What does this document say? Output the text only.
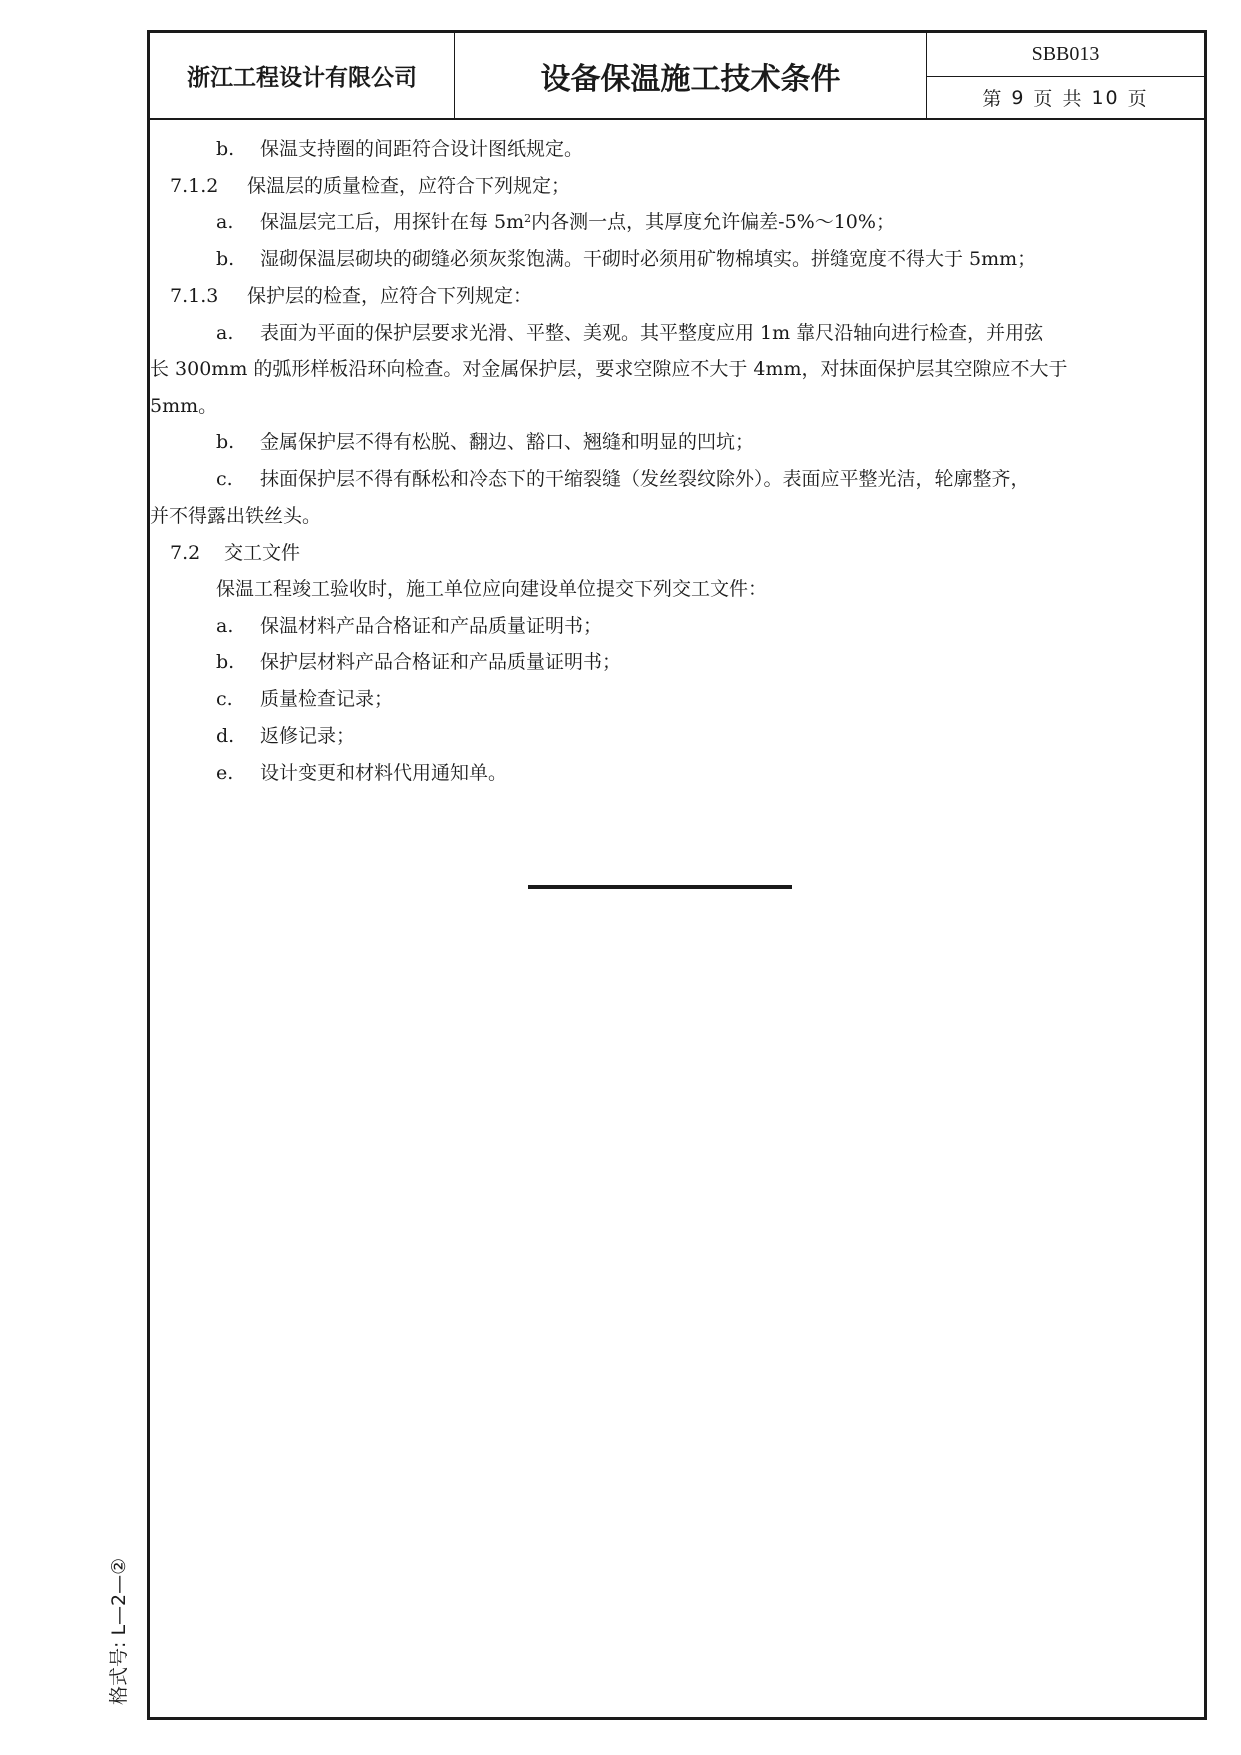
浙江工程设计有限公司	设备保温施工技术条件
SBB013
第 9 页 共 10 页
b. 保温支持圈的间距符合设计图纸规定。
7.1.2 保温层的质量检查，应符合下列规定；
a. 保温层完工后，用探针在每 $5m^2$内各测一点，其厚度允许偏差-5%～10%；
b. 湿砌保温层砌块的砌缝必须灰浆饱满。干砌时必须用矿物棉填实。拼缝宽度不得大于 5mm；
7.1.3 保护层的检查，应符合下列规定：
a. 表面为平面的保护层要求光滑、平整、美观。其平整度应用 1m 靠尺沿轴向进行检查，并用弦
长 300mm 的弧形样板沿环向检查。对金属保护层，要求空隙应不大于 4mm，对抹面保护层其空隙应不大于
5mm。
b. 金属保护层不得有松脱、翻边、豁口、翘缝和明显的凹坑；
c. 抹面保护层不得有酥松和冷态下的干缩裂缝（发丝裂纹除外）。表面应平整光洁，轮廓整齐，
并不得露出铁丝头。
7.2 交工文件
保温工程竣工验收时，施工单位应向建设单位提交下列交工文件：
a. 保温材料产品合格证和产品质量证明书；
b. 保护层材料产品合格证和产品质量证明书；
c. 质量检查记录；
d. 返修记录；
e. 设计变更和材料代用通知单。
格式号: L—2—②
